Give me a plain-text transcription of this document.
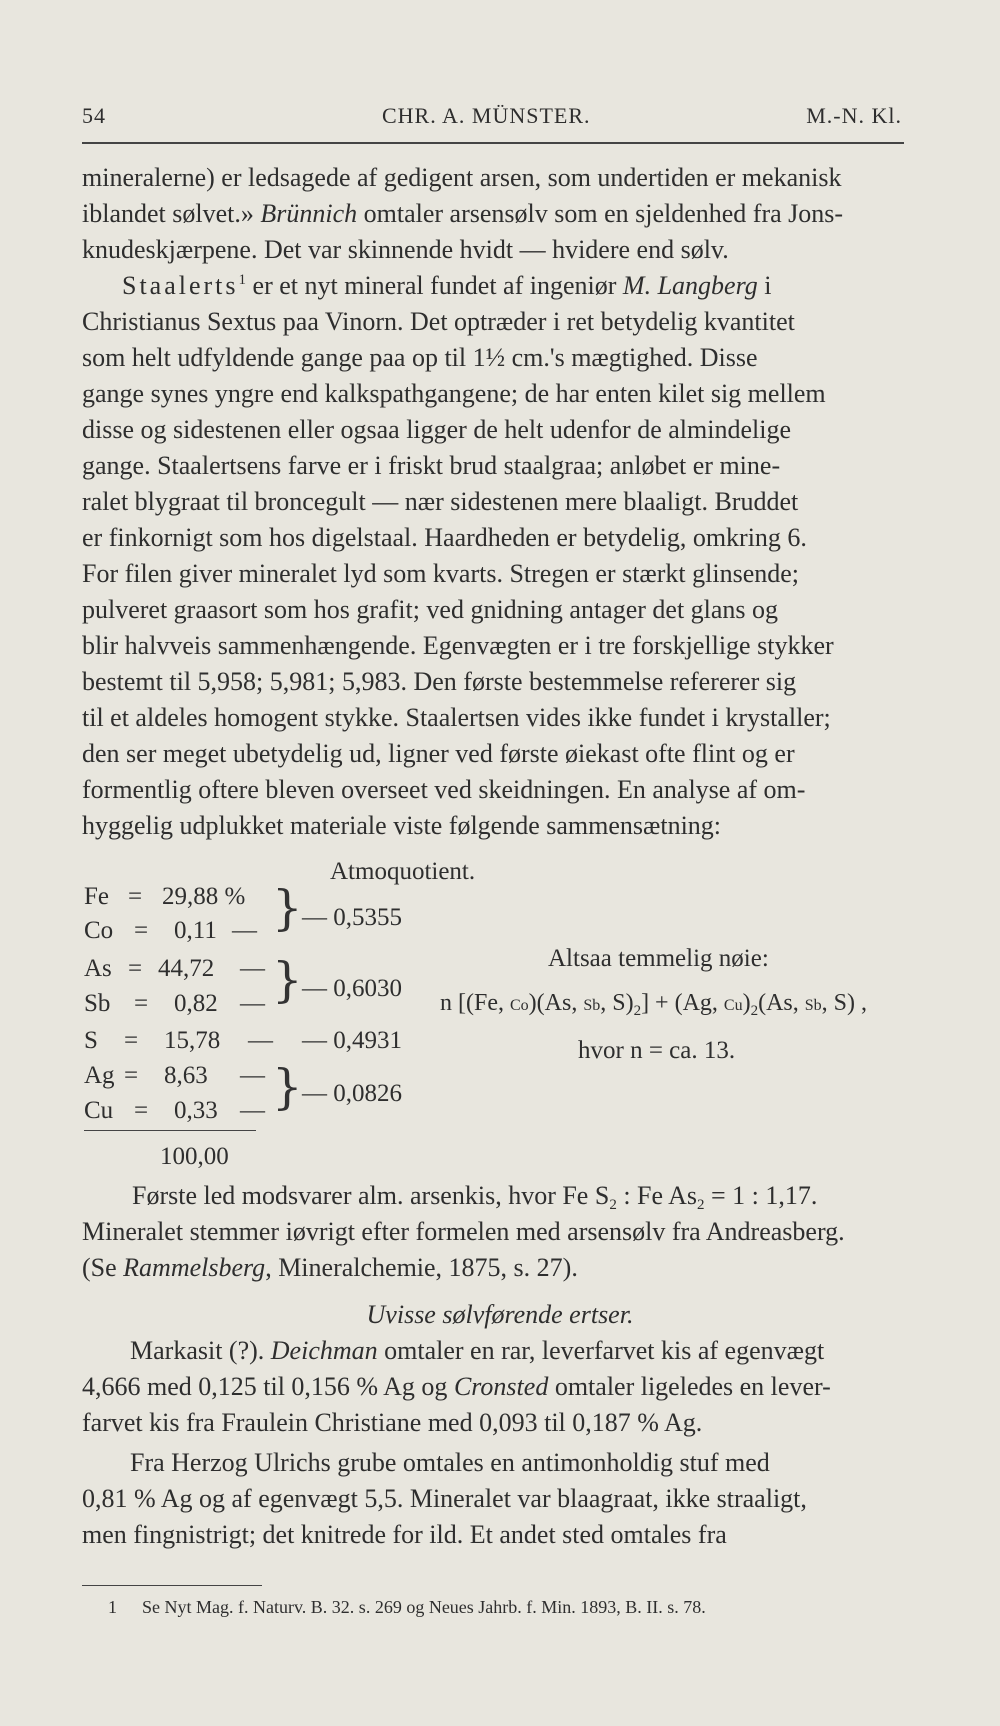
54	CHR. A. MÜNSTER.	M.-N. Kl.
mineralerne) er ledsagede af gedigent arsen, som undertiden er mekanisk
iblandet sølvet.» Brünnich omtaler arsensølv som en sjeldenhed fra Jons-
knudeskjærpene. Det var skinnende hvidt — hvidere end sølv.
Staalerts$^1$ er et nyt mineral fundet af ingeniør M. Langberg i
Christianus Sextus paa Vinorn. Det optræder i ret betydelig kvantitet
som helt udfyldende gange paa op til 1½ cm.'s mægtighed. Disse
gange synes yngre end kalkspathgangene; de har enten kilet sig mellem
disse og sidestenen eller ogsaa ligger de helt udenfor de almindelige
gange. Staalertsens farve er i friskt brud staalgraa; anløbet er mine-
ralet blygraat til broncegult — nær sidestenen mere blaaligt. Bruddet
er finkornigt som hos digelstaal. Haardheden er betydelig, omkring 6.
For filen giver mineralet lyd som kvarts. Stregen er stærkt glinsende;
pulveret graasort som hos grafit; ved gnidning antager det glans og
blir halvveis sammenhængende. Egenvægten er i tre forskjellige stykker
bestemt til 5,958; 5,981; 5,983. Den første bestemmelse refererer sig
til et aldeles homogent stykke. Staalertsen vides ikke fundet i krystaller;
den ser meget ubetydelig ud, ligner ved første øiekast ofte flint og er
formentlig oftere bleven overseet ved skeidningen. En analyse af om-
hyggelig udplukket materiale viste følgende sammensætning:
Atmoquotient.
Fe = 29,88 %
Co = 0,11 —
As = 44,72 —
Sb = 0,82 —
S = 15,78 —
Ag = 8,63 —
Cu = 0,33 —
}
}
}
— 0,5355
— 0,6030
— 0,4931
— 0,0826
100,00
Altsaa temmelig nøie:
n [(Fe, Co)(As, Sb, $S)_2] + (Ag$, $Cu)_2(As$, Sb, S) ,
hvor n = ca. 13.
Første led modsvarer alm. arsenkis, hvor Fe $S_2$ : Fe $As_2 = 1$ : 1,17.
Mineralet stemmer iøvrigt efter formelen med arsensølv fra Andreasberg.
(Se Rammelsberg, Mineralchemie, 1875, s. 27).
Uvisse sølvførende ertser.
Markasit (?). Deichman omtaler en rar, leverfarvet kis af egenvægt
4,666 med 0,125 til 0,156 % Ag og Cronsted omtaler ligeledes en lever-
farvet kis fra Fraulein Christiane med 0,093 til 0,187 % Ag.
Fra Herzog Ulrichs grube omtales en antimonholdig stuf med
0,81 % Ag og af egenvægt 5,5. Mineralet var blaagraat, ikke straaligt,
men fingnistrigt; det knitrede for ild. Et andet sted omtales fra
1 Se Nyt Mag. f. Naturv. B. 32. s. 269 og Neues Jahrb. f. Min. 1893, B. II. s. 78.
